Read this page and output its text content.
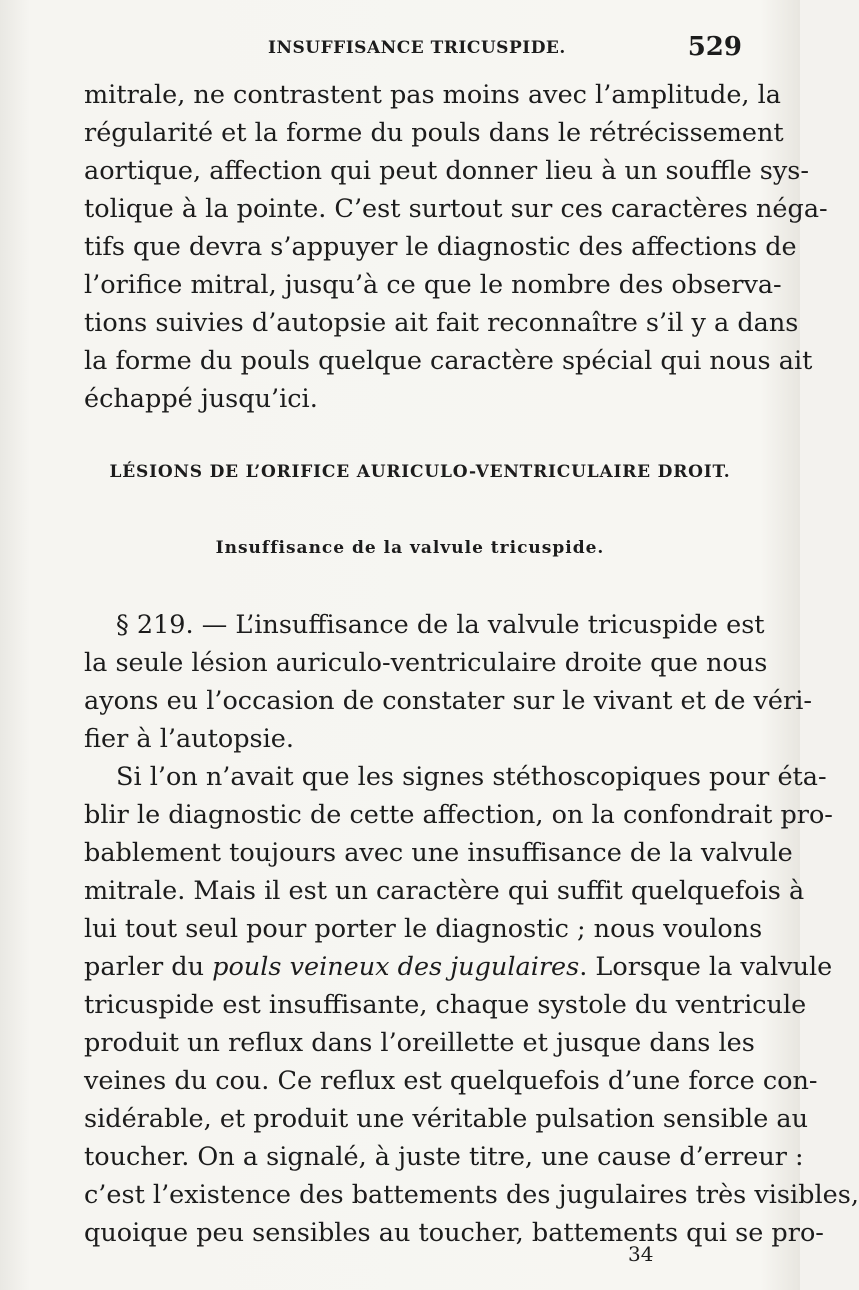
INSUFFISANCE TRICUSPIDE.	529
mitrale, ne contrastent pas moins avec l’amplitude, la
régularité et la forme du pouls dans le rétrécissement
aortique, affection qui peut donner lieu à un souffle sys-
tolique à la pointe. C’est surtout sur ces caractères néga-
tifs que devra s’appuyer le diagnostic des affections de
l’orifice mitral, jusqu’à ce que le nombre des observa-
tions suivies d’autopsie ait fait reconnaître s’il y a dans
la forme du pouls quelque caractère spécial qui nous ait
échappé jusqu’ici.
LÉSIONS DE L’ORIFICE AURICULO-VENTRICULAIRE DROIT.
Insuffisance de la valvule tricuspide.
§ 219. — L’insuffisance de la valvule tricuspide est
la seule lésion auriculo-ventriculaire droite que nous
ayons eu l’occasion de constater sur le vivant et de véri-
fier à l’autopsie.
Si l’on n’avait que les signes stéthoscopiques pour éta-
blir le diagnostic de cette affection, on la confondrait pro-
bablement toujours avec une insuffisance de la valvule
mitrale. Mais il est un caractère qui suffit quelquefois à
lui tout seul pour porter le diagnostic ; nous voulons
parler du pouls veineux des jugulaires. Lorsque la valvule
tricuspide est insuffisante, chaque systole du ventricule
produit un reflux dans l’oreillette et jusque dans les
veines du cou. Ce reflux est quelquefois d’une force con-
sidérable, et produit une véritable pulsation sensible au
toucher. On a signalé, à juste titre, une cause d’erreur :
c’est l’existence des battements des jugulaires très visibles,
quoique peu sensibles au toucher, battements qui se pro-
34
